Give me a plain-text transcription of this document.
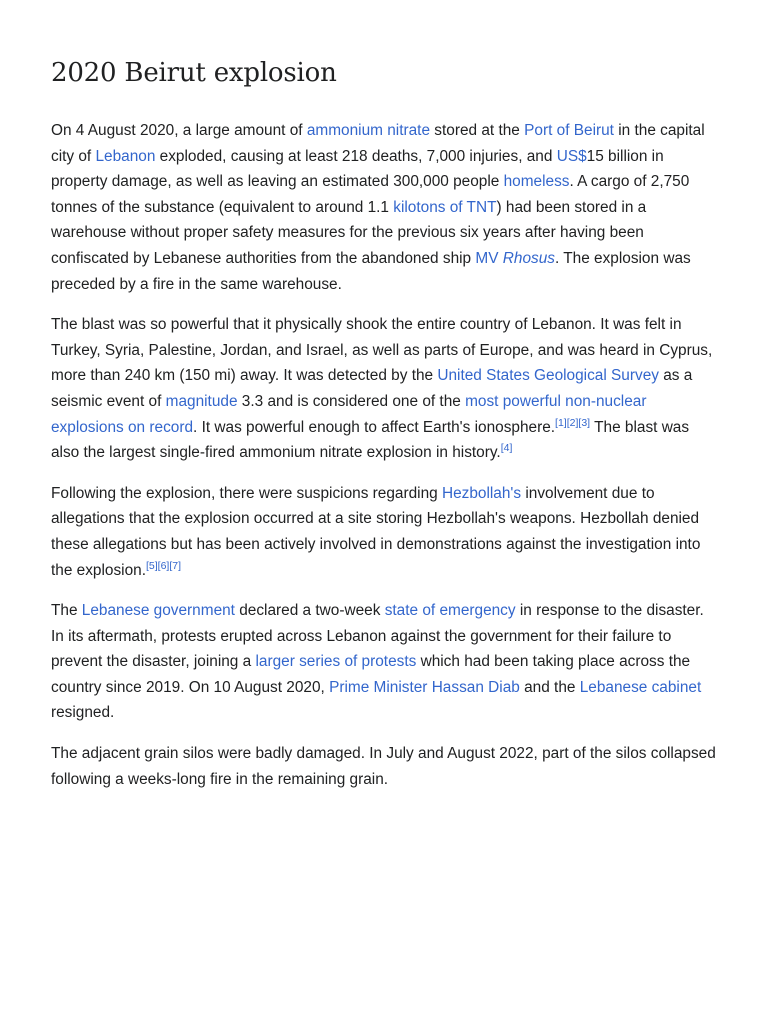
2020 Beirut explosion

On 4 August 2020, a large amount of ammonium nitrate stored at the Port of Beirut in the capital city of Lebanon exploded, causing at least 218 deaths, 7,000 injuries, and US$15 billion in property damage, as well as leaving an estimated 300,000 people homeless. A cargo of 2,750 tonnes of the substance (equivalent to around 1.1 kilotons of TNT) had been stored in a warehouse without proper safety measures for the previous six years after having been confiscated by Lebanese authorities from the abandoned ship MV Rhosus. The explosion was preceded by a fire in the same warehouse.

The blast was so powerful that it physically shook the entire country of Lebanon. It was felt in Turkey, Syria, Palestine, Jordan, and Israel, as well as parts of Europe, and was heard in Cyprus, more than 240 km (150 mi) away. It was detected by the United States Geological Survey as a seismic event of magnitude 3.3 and is considered one of the most powerful non-nuclear explosions on record. It was powerful enough to affect Earth's ionosphere.[1][2][3] The blast was also the largest single-fired ammonium nitrate explosion in history.[4]

Following the explosion, there were suspicions regarding Hezbollah's involvement due to allegations that the explosion occurred at a site storing Hezbollah's weapons. Hezbollah denied these allegations but has been actively involved in demonstrations against the investigation into the explosion.[5][6][7]

The Lebanese government declared a two-week state of emergency in response to the disaster. In its aftermath, protests erupted across Lebanon against the government for their failure to prevent the disaster, joining a larger series of protests which had been taking place across the country since 2019. On 10 August 2020, Prime Minister Hassan Diab and the Lebanese cabinet resigned.

The adjacent grain silos were badly damaged. In July and August 2022, part of the silos collapsed following a weeks-long fire in the remaining grain.
